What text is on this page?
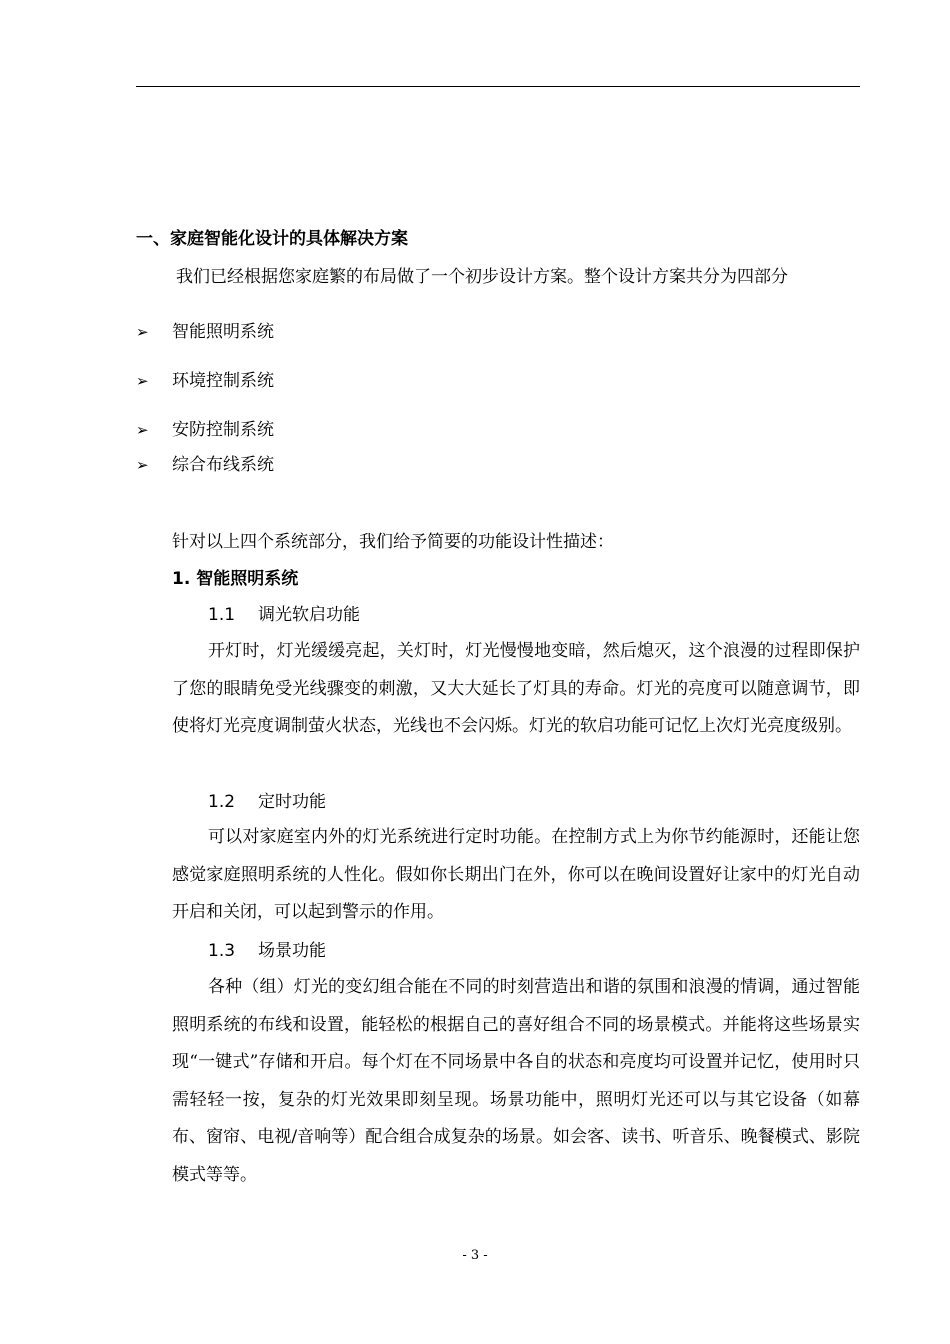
一、家庭智能化设计的具体解决方案
我们已经根据您家庭繁的布局做了一个初步设计方案。整个设计方案共分为四部分
➢ 智能照明系统
➢ 环境控制系统
➢ 安防控制系统
➢ 综合布线系统
针对以上四个系统部分，我们给予简要的功能设计性描述：
1. 智能照明系统
1.1 调光软启功能
开灯时，灯光缓缓亮起，关灯时，灯光慢慢地变暗，然后熄灭，这个浪漫的过程即保护了您的眼睛免受光线骤变的刺激，又大大延长了灯具的寿命。灯光的亮度可以随意调节，即使将灯光亮度调制萤火状态，光线也不会闪烁。灯光的软启功能可记忆上次灯光亮度级别。
1.2 定时功能
可以对家庭室内外的灯光系统进行定时功能。在控制方式上为你节约能源时，还能让您感觉家庭照明系统的人性化。假如你长期出门在外，你可以在晚间设置好让家中的灯光自动开启和关闭，可以起到警示的作用。
1.3 场景功能
各种（组）灯光的变幻组合能在不同的时刻营造出和谐的氛围和浪漫的情调，通过智能照明系统的布线和设置，能轻松的根据自己的喜好组合不同的场景模式。并能将这些场景实现“一键式”存储和开启。每个灯在不同场景中各自的状态和亮度均可设置并记忆，使用时只需轻轻一按，复杂的灯光效果即刻呈现。场景功能中，照明灯光还可以与其它设备（如幕布、窗帘、电视/音响等）配合组合成复杂的场景。如会客、读书、听音乐、晚餐模式、影院模式等等。
- 3 -
